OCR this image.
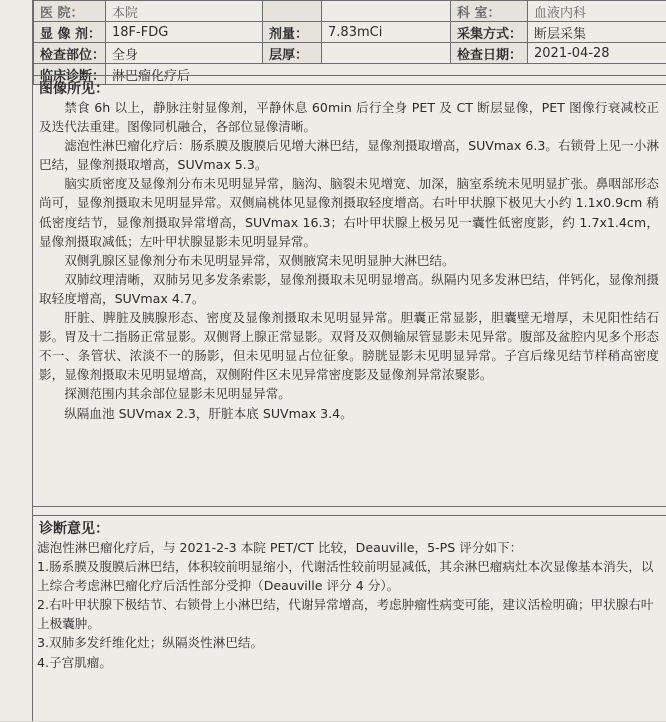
医 院：	本院			科 室：	血液内科
显 像 剂：	18F-FDG	剂量：	7.83mCi	采集方式：	断层采集
检查部位：	全身	层厚：		检查日期：	2021-04-28
临床诊断：	淋巴瘤化疗后				
图像所见：

禁食 6h 以上，静脉注射显像剂，平静休息 60min 后行全身 PET 及 CT 断层显像，PET 图像行衰减校正及迭代法重建。图像同机融合，各部位显像清晰。

滤泡性淋巴瘤化疗后：肠系膜及腹膜后见增大淋巴结，显像剂摄取增高，SUVmax 6.3。右锁骨上见一小淋巴结，显像剂摄取增高，SUVmax 5.3。

脑实质密度及显像剂分布未见明显异常，脑沟、脑裂未见增宽、加深，脑室系统未见明显扩张。鼻咽部形态尚可，显像剂摄取未见明显异常。双侧扁桃体见显像剂摄取轻度增高。右叶甲状腺下极见大小约 1.1x0.9cm 稍低密度结节，显像剂摄取异常增高，SUVmax 16.3；右叶甲状腺上极另见一囊性低密度影，约 1.7x1.4cm，显像剂摄取减低；左叶甲状腺显影未见明显异常。

双侧乳腺区显像剂分布未见明显异常，双侧腋窝未见明显肿大淋巴结。

双肺纹理清晰，双肺另见多发条索影，显像剂摄取未见明显增高。纵隔内见多发淋巴结，伴钙化，显像剂摄取轻度增高，SUVmax 4.7。

肝脏、脾脏及胰腺形态、密度及显像剂摄取未见明显异常。胆囊正常显影，胆囊壁无增厚，未见阳性结石影。胃及十二指肠正常显影。双侧肾上腺正常显影。双肾及双侧输尿管显影未见异常。腹部及盆腔内见多个形态不一、条管状、浓淡不一的肠影，但未见明显占位征象。膀胱显影未见明显异常。子宫后缘见结节样稍高密度影，显像剂摄取未见明显增高，双侧附件区未见异常密度影及显像剂异常浓聚影。

探测范围内其余部位显影未见明显异常。

纵隔血池 SUVmax 2.3，肝脏本底 SUVmax 3.4。

诊断意见：
滤泡性淋巴瘤化疗后，与 2021-2-3 本院 PET/CT 比较，Deauville，5-PS 评分如下：
1.肠系膜及腹膜后淋巴结，体积较前明显缩小，代谢活性较前明显减低，其余淋巴瘤病灶本次显像基本消失，以上综合考虑淋巴瘤化疗后活性部分受抑（Deauville 评分 4 分）。
2.右叶甲状腺下极结节、右锁骨上小淋巴结，代谢异常增高，考虑肿瘤性病变可能，建议活检明确；甲状腺右叶上极囊肿。
3.双肺多发纤维化灶；纵隔炎性淋巴结。
4.子宫肌瘤。
